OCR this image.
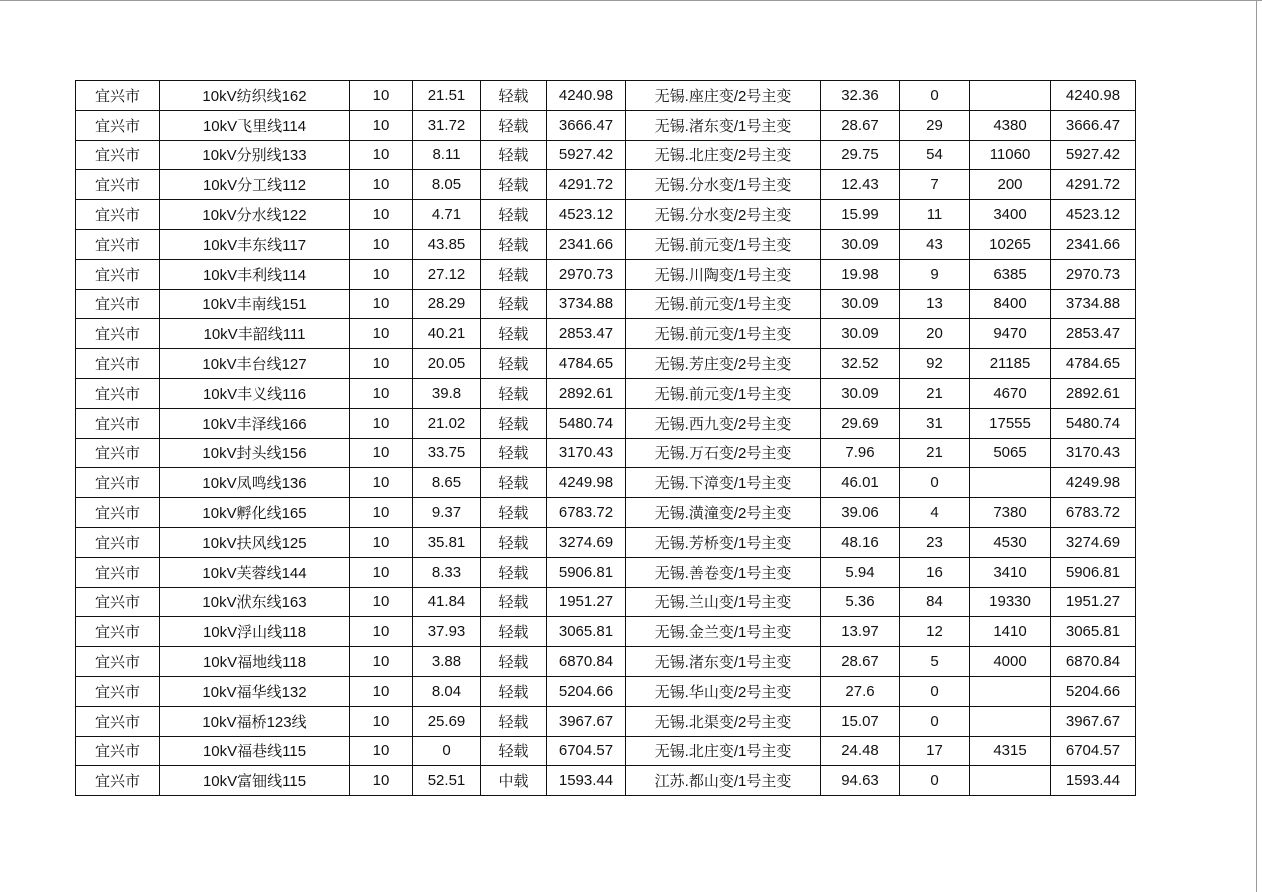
宜兴市	10kV纺织线162	10	21.51	轻载	4240.98	无锡.座庄变/2号主变	32.36	0		4240.98
宜兴市	10kV飞里线114	10	31.72	轻载	3666.47	无锡.渚东变/1号主变	28.67	29	4380	3666.47
宜兴市	10kV分别线133	10	8.11	轻载	5927.42	无锡.北庄变/2号主变	29.75	54	11060	5927.42
宜兴市	10kV分工线112	10	8.05	轻载	4291.72	无锡.分水变/1号主变	12.43	7	200	4291.72
宜兴市	10kV分水线122	10	4.71	轻载	4523.12	无锡.分水变/2号主变	15.99	11	3400	4523.12
宜兴市	10kV丰东线117	10	43.85	轻载	2341.66	无锡.前元变/1号主变	30.09	43	10265	2341.66
宜兴市	10kV丰利线114	10	27.12	轻载	2970.73	无锡.川陶变/1号主变	19.98	9	6385	2970.73
宜兴市	10kV丰南线151	10	28.29	轻载	3734.88	无锡.前元变/1号主变	30.09	13	8400	3734.88
宜兴市	10kV丰韶线111	10	40.21	轻载	2853.47	无锡.前元变/1号主变	30.09	20	9470	2853.47
宜兴市	10kV丰台线127	10	20.05	轻载	4784.65	无锡.芳庄变/2号主变	32.52	92	21185	4784.65
宜兴市	10kV丰义线116	10	39.8	轻载	2892.61	无锡.前元变/1号主变	30.09	21	4670	2892.61
宜兴市	10kV丰泽线166	10	21.02	轻载	5480.74	无锡.西九变/2号主变	29.69	31	17555	5480.74
宜兴市	10kV封头线156	10	33.75	轻载	3170.43	无锡.万石变/2号主变	7.96	21	5065	3170.43
宜兴市	10kV凤鸣线136	10	8.65	轻载	4249.98	无锡.下漳变/1号主变	46.01	0		4249.98
宜兴市	10kV孵化线165	10	9.37	轻载	6783.72	无锡.潢潼变/2号主变	39.06	4	7380	6783.72
宜兴市	10kV扶风线125	10	35.81	轻载	3274.69	无锡.芳桥变/1号主变	48.16	23	4530	3274.69
宜兴市	10kV芙蓉线144	10	8.33	轻载	5906.81	无锡.善卷变/1号主变	5.94	16	3410	5906.81
宜兴市	10kV洑东线163	10	41.84	轻载	1951.27	无锡.兰山变/1号主变	5.36	84	19330	1951.27
宜兴市	10kV浮山线118	10	37.93	轻载	3065.81	无锡.金兰变/1号主变	13.97	12	1410	3065.81
宜兴市	10kV福地线118	10	3.88	轻载	6870.84	无锡.渚东变/1号主变	28.67	5	4000	6870.84
宜兴市	10kV福华线132	10	8.04	轻载	5204.66	无锡.华山变/2号主变	27.6	0		5204.66
宜兴市	10kV福桥123线	10	25.69	轻载	3967.67	无锡.北渠变/2号主变	15.07	0		3967.67
宜兴市	10kV福巷线115	10	0	轻载	6704.57	无锡.北庄变/1号主变	24.48	17	4315	6704.57
宜兴市	10kV富钿线115	10	52.51	中载	1593.44	江苏.都山变/1号主变	94.63	0		1593.44
